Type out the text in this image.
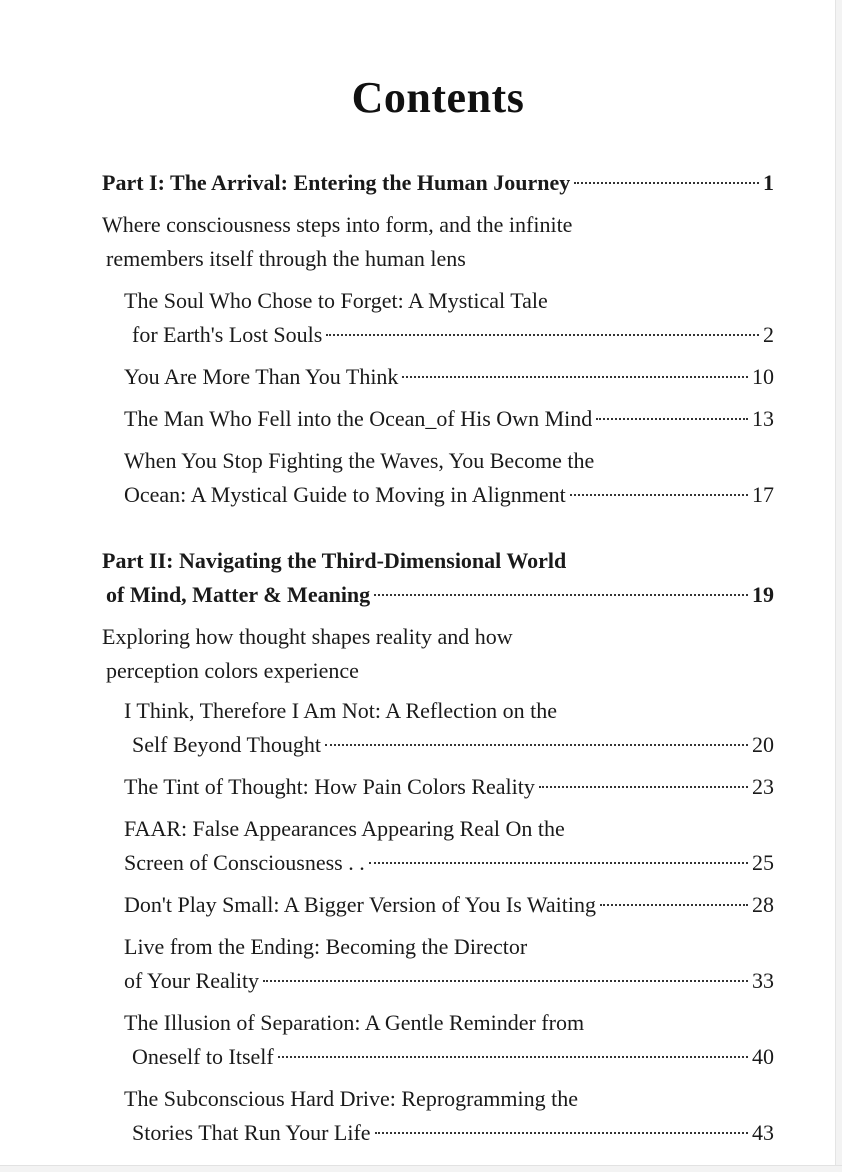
Contents
Part I: The Arrival: Entering the Human Journey	1
Where consciousness steps into form, and the infinite
remembers itself through the human lens
The Soul Who Chose to Forget: A Mystical Tale
for Earth's Lost Souls	2
You Are More Than You Think	10
The Man Who Fell into the Ocean_of His Own Mind	13
When You Stop Fighting the Waves, You Become the
Ocean: A Mystical Guide to Moving in Alignment	17
Part II: Navigating the Third-Dimensional World
of Mind, Matter & Meaning	19
Exploring how thought shapes reality and how
perception colors experience
I Think, Therefore I Am Not: A Reflection on the
Self Beyond Thought	20
The Tint of Thought: How Pain Colors Reality	23
FAAR: False Appearances Appearing Real On the
Screen of Consciousness . .	25
Don't Play Small: A Bigger Version of You Is Waiting	28
Live from the Ending: Becoming the Director
of Your Reality	33
The Illusion of Separation: A Gentle Reminder from
Oneself to Itself	40
The Subconscious Hard Drive: Reprogramming the
Stories That Run Your Life	43
